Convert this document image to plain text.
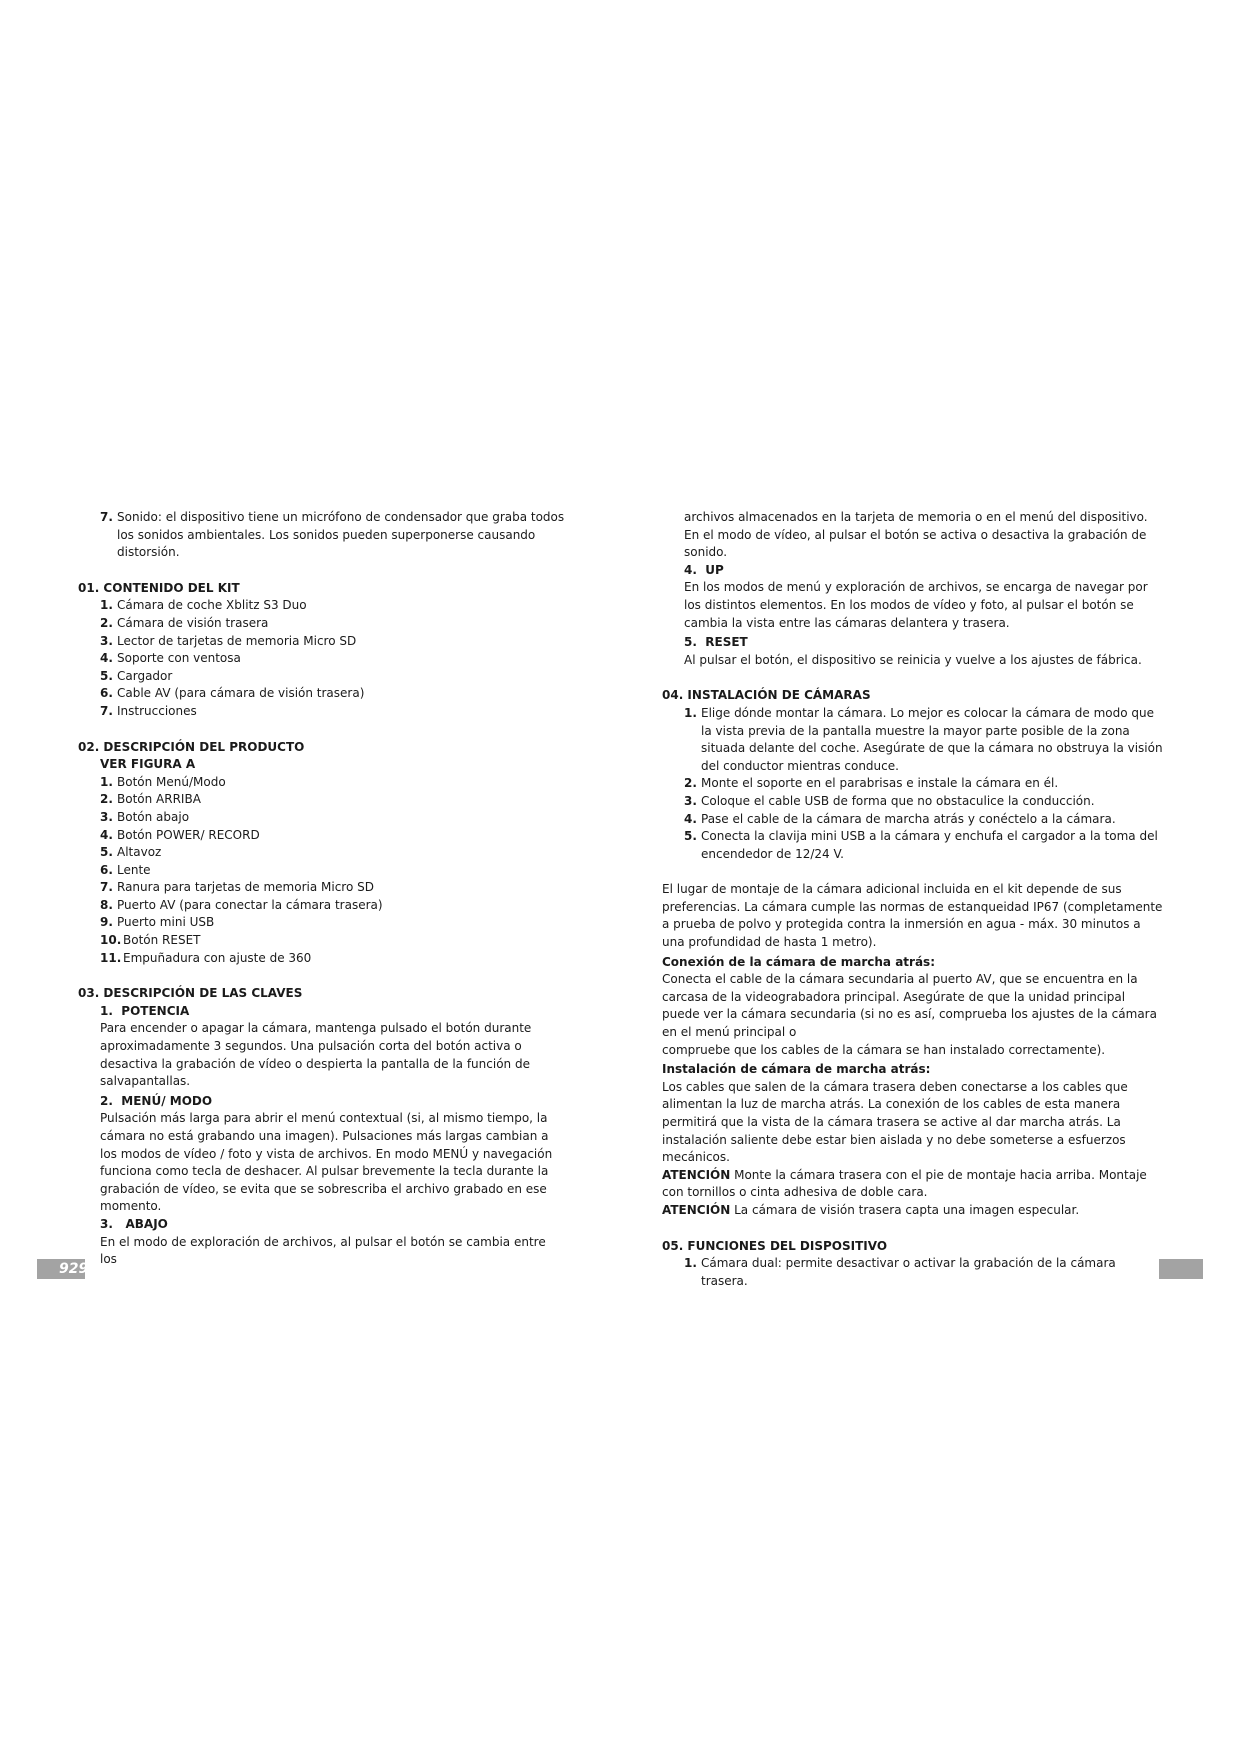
7. Sonido: el dispositivo tiene un micrófono de condensador que graba todos los sonidos ambientales. Los sonidos pueden superponerse causando distorsión.
01. CONTENIDO DEL KIT
1. Cámara de coche Xblitz S3 Duo
2. Cámara de visión trasera
3. Lector de tarjetas de memoria Micro SD
4. Soporte con ventosa
5. Cargador
6. Cable AV (para cámara de visión trasera)
7. Instrucciones
02. DESCRIPCIÓN DEL PRODUCTO
VER FIGURA A
1. Botón Menú/Modo
2. Botón ARRIBA
3. Botón abajo
4. Botón POWER/ RECORD
5. Altavoz
6. Lente
7. Ranura para tarjetas de memoria Micro SD
8. Puerto AV (para conectar la cámara trasera)
9. Puerto mini USB
10. Botón RESET
11. Empuñadura con ajuste de 360
03. DESCRIPCIÓN DE LAS CLAVES
1. POTENCIA

Para encender o apagar la cámara, mantenga pulsado el botón durante aproximadamente 3 segundos. Una pulsación corta del botón activa o desactiva la grabación de vídeo o despierta la pantalla de la función de salvapantallas.

2. MENÚ/ MODO

Pulsación más larga para abrir el menú contextual (si, al mismo tiempo, la cámara no está grabando una imagen). Pulsaciones más largas cambian a los modos de vídeo / foto y vista de archivos. En modo MENÚ y navegación funciona como tecla de deshacer. Al pulsar brevemente la tecla durante la grabación de vídeo, se evita que se sobrescriba el archivo grabado en ese momento.

3. ABAJO

En el modo de exploración de archivos, al pulsar el botón se cambia entre los

archivos almacenados en la tarjeta de memoria o en el menú del dispositivo. En el modo de vídeo, al pulsar el botón se activa o desactiva la grabación de sonido.

4. UP

En los modos de menú y exploración de archivos, se encarga de navegar por los distintos elementos. En los modos de vídeo y foto, al pulsar el botón se cambia la vista entre las cámaras delantera y trasera.

5. RESET

Al pulsar el botón, el dispositivo se reinicia y vuelve a los ajustes de fábrica.

04. INSTALACIÓN DE CÁMARAS
1. Elige dónde montar la cámara. Lo mejor es colocar la cámara de modo que la vista previa de la pantalla muestre la mayor parte posible de la zona situada delante del coche. Asegúrate de que la cámara no obstruya la visión del conductor mientras conduce.
2. Monte el soporte en el parabrisas e instale la cámara en él.
3. Coloque el cable USB de forma que no obstaculice la conducción.
4. Pase el cable de la cámara de marcha atrás y conéctelo a la cámara.
5. Conecta la clavija mini USB a la cámara y enchufa el cargador a la toma del encendedor de 12/24 V.

El lugar de montaje de la cámara adicional incluida en el kit depende de sus preferencias. La cámara cumple las normas de estanqueidad IP67 (completamente a prueba de polvo y protegida contra la inmersión en agua - máx. 30 minutos a una profundidad de hasta 1 metro).

Conexión de la cámara de marcha atrás:

Conecta el cable de la cámara secundaria al puerto AV, que se encuentra en la carcasa de la videograbadora principal. Asegúrate de que la unidad principal puede ver la cámara secundaria (si no es así, comprueba los ajustes de la cámara en el menú principal o

compruebe que los cables de la cámara se han instalado correctamente).

Instalación de cámara de marcha atrás:

Los cables que salen de la cámara trasera deben conectarse a los cables que alimentan la luz de marcha atrás. La conexión de los cables de esta manera permitirá que la vista de la cámara trasera se active al dar marcha atrás. La instalación saliente debe estar bien aislada y no debe someterse a esfuerzos mecánicos.

ATENCIÓN Monte la cámara trasera con el pie de montaje hacia arriba. Montaje con tornillos o cinta adhesiva de doble cara.

ATENCIÓN La cámara de visión trasera capta una imagen especular.

05. FUNCIONES DEL DISPOSITIVO
1. Cámara dual: permite desactivar o activar la grabación de la cámara trasera.
929
